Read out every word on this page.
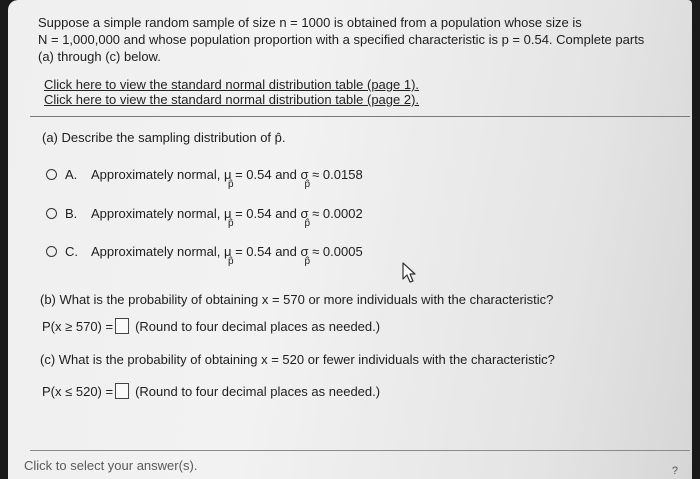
Suppose a simple random sample of size n = 1000 is obtained from a population whose size is

N = 1,000,000 and whose population proportion with a specified characteristic is p = 0.54. Complete parts

(a) through (c) below.

Click here to view the standard normal distribution table (page 1).
Click here to view the standard normal distribution table (page 2).
(a) Describe the sampling distribution of p̂.
A.	Approximately normal, μ
p̂
= 0.54 and σ
p̂
≈ 0.0158
B.	Approximately normal, μ
p̂
= 0.54 and σ
p̂
≈ 0.0002
C.	Approximately normal, μ
p̂
= 0.54 and σ
p̂
≈ 0.0005
(b) What is the probability of obtaining x = 570 or more individuals with the characteristic?
P(x ≥ 570) = (Round to four decimal places as needed.)
(c) What is the probability of obtaining x = 520 or fewer individuals with the characteristic?
P(x ≤ 520) = (Round to four decimal places as needed.)
Click to select your answer(s).	?
